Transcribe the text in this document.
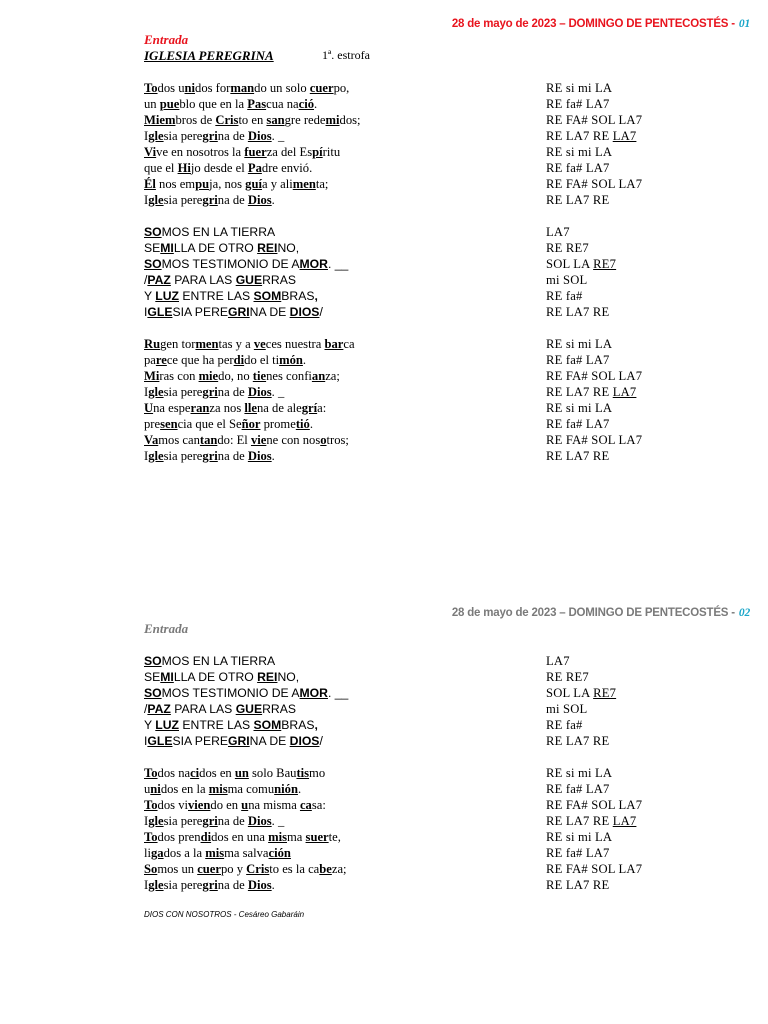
28 de mayo de 2023 – DOMINGO DE PENTECOSTÉS - 01
Entrada
IGLESIA PEREGRINA	1ª. estrofa
Todos unidos formando un solo cuerpo,	RE si mi LA
un pueblo que en la Pascua nació.	RE fa# LA7
Miembros de Cristo en sangre redemidos;	RE FA# SOL LA7
Iglesia peregrina de Dios. _	RE LA7 RE LA7
Vive en nosotros la fuerza del Espíritu	RE si mi LA
que el Hijo desde el Padre envió.	RE fa# LA7
Él nos empuja, nos guía y alimenta;	RE FA# SOL LA7
Iglesia peregrina de Dios.	RE LA7 RE
SOMOS EN LA TIERRA	LA7
SEMILLA DE OTRO REINO,	RE RE7
SOMOS TESTIMONIO DE AMOR. __	SOL LA RE7
/PAZ PARA LAS GUERRAS	mi SOL
Y LUZ ENTRE LAS SOMBRAS,	RE fa#
IGLESIA PEREGRINA DE DIOS/	RE LA7 RE
Rugen tormentas y a veces nuestra barca	RE si mi LA
parece que ha perdido el timón.	RE fa# LA7
Miras con miedo, no tienes confianza;	RE FA# SOL LA7
Iglesia peregrina de Dios. _	RE LA7 RE LA7
Una esperanza nos llena de alegría:	RE si mi LA
presencia que el Señor prometió.	RE fa# LA7
Vamos cantando: El viene con nosotros;	RE FA# SOL LA7
Iglesia peregrina de Dios.	RE LA7 RE
28 de mayo de 2023 – DOMINGO DE PENTECOSTÉS - 02
Entrada
SOMOS EN LA TIERRA	LA7
SEMILLA DE OTRO REINO,	RE RE7
SOMOS TESTIMONIO DE AMOR. __	SOL LA RE7
/PAZ PARA LAS GUERRAS	mi SOL
Y LUZ ENTRE LAS SOMBRAS,	RE fa#
IGLESIA PEREGRINA DE DIOS/	RE LA7 RE
Todos nacidos en un solo Bautismo	RE si mi LA
unidos en la misma comunión.	RE fa# LA7
Todos viviendo en una misma casa:	RE FA# SOL LA7
Iglesia peregrina de Dios. _	RE LA7 RE LA7
Todos prendidos en una misma suerte,	RE si mi LA
ligados a la misma salvación	RE fa# LA7
Somos un cuerpo y Cristo es la cabeza;	RE FA# SOL LA7
Iglesia peregrina de Dios.	RE LA7 RE
DIOS CON NOSOTROS - Cesáreo Gabaráin
